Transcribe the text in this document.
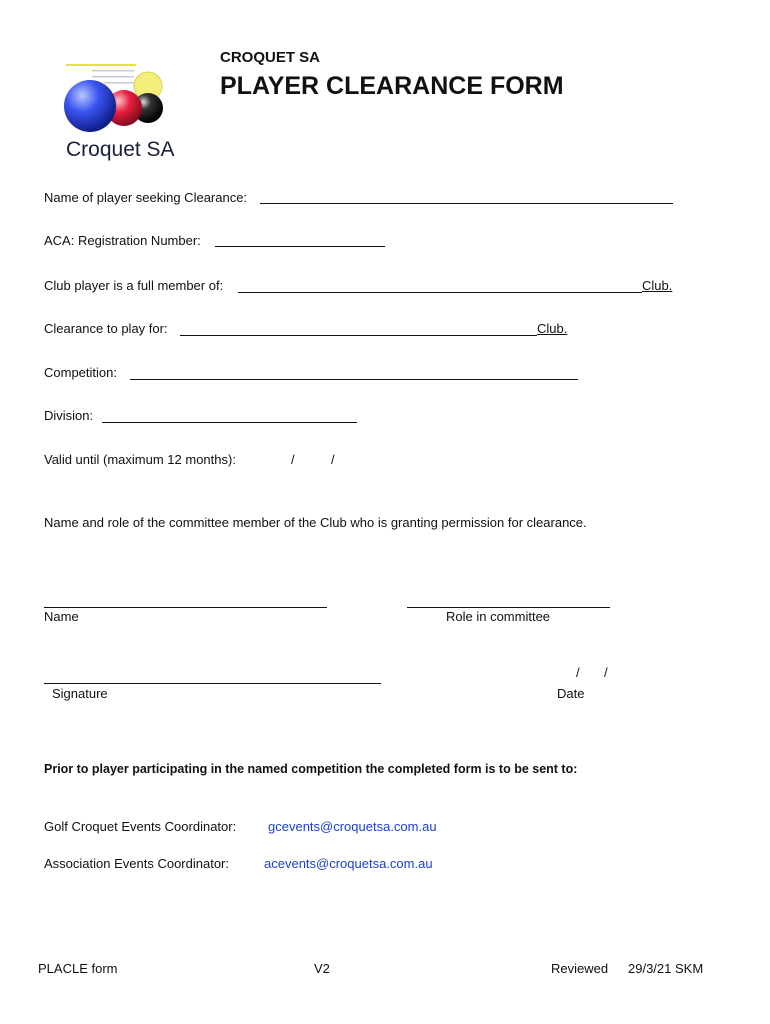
Croquet SA
CROQUET SA
PLAYER CLEARANCE FORM
Name of player seeking Clearance:
ACA: Registration Number:
Club player is a full member of:	Club.
Clearance to play for:	Club.
Competition:
Division:
Valid until (maximum 12 months):	/	/
Name and role of the committee member of the Club who is granting permission for clearance.
Name	Role in committee
Signature
/ /
Date
Prior to player participating in the named competition the completed form is to be sent to:
Golf Croquet Events Coordinator: gcevents@croquetsa.com.au
Association Events Coordinator:	acevents@croquetsa.com.au
PLACLE form	V2	Reviewed 29/3/21 SKM
